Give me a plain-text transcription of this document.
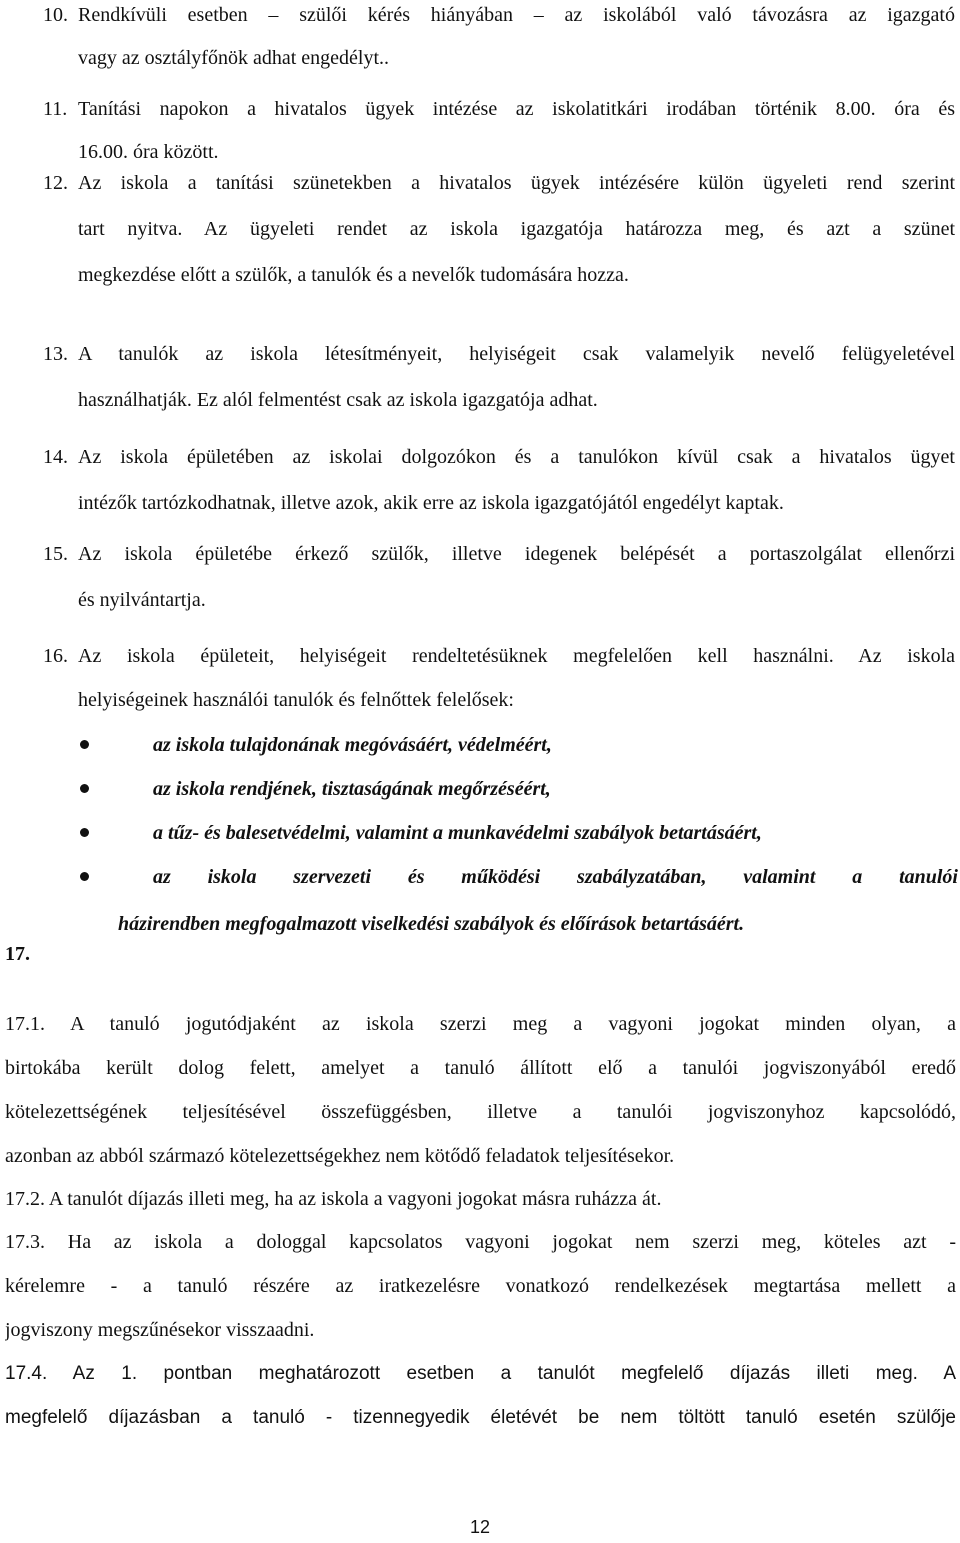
10. Rendkívüli esetben – szülői kérés hiányában – az iskolából való távozásra az igazgató
vagy az osztályfőnök adhat engedélyt..
11. Tanítási napokon a hivatalos ügyek intézése az iskolatitkári irodában történik 8.00. óra és
16.00. óra között.
12. Az iskola a tanítási szünetekben a hivatalos ügyek intézésére külön ügyeleti rend szerint
tart nyitva. Az ügyeleti rendet az iskola igazgatója határozza meg, és azt a szünet
megkezdése előtt a szülők, a tanulók és a nevelők tudomására hozza.
13. A tanulók az iskola létesítményeit, helyiségeit csak valamelyik nevelő felügyeletével
használhatják. Ez alól felmentést csak az iskola igazgatója adhat.
14. Az iskola épületében az iskolai dolgozókon és a tanulókon kívül csak a hivatalos ügyet
intézők tartózkodhatnak, illetve azok, akik erre az iskola igazgatójától engedélyt kaptak.
15. Az iskola épületébe érkező szülők, illetve idegenek belépését a portaszolgálat ellenőrzi
és nyilvántartja.
16. Az iskola épületeit, helyiségeit rendeltetésüknek megfelelően kell használni. Az iskola
helyiségeinek használói tanulók és felnőttek felelősek:
az iskola tulajdonának megóvásáért, védelméért,
az iskola rendjének, tisztaságának megőrzéséért,
a tűz- és balesetvédelmi, valamint a munkavédelmi szabályok betartásáért,
az iskola szervezeti és működési szabályzatában, valamint a tanulói
házirendben megfogalmazott viselkedési szabályok és előírások betartásáért.
17.
17.1. A tanuló jogutódjaként az iskola szerzi meg a vagyoni jogokat minden olyan, a
birtokába került dolog felett, amelyet a tanuló állított elő a tanulói jogviszonyából eredő
kötelezettségének teljesítésével összefüggésben, illetve a tanulói jogviszonyhoz kapcsolódó,
azonban az abból származó kötelezettségekhez nem kötődő feladatok teljesítésekor.
17.2. A tanulót díjazás illeti meg, ha az iskola a vagyoni jogokat másra ruházza át.
17.3. Ha az iskola a dologgal kapcsolatos vagyoni jogokat nem szerzi meg, köteles azt -
kérelemre - a tanuló részére az iratkezelésre vonatkozó rendelkezések megtartása mellett a
jogviszony megszűnésekor visszaadni.
17.4. Az 1. pontban meghatározott esetben a tanulót megfelelő díjazás illeti meg. A
megfelelő díjazásban a tanuló - tizennegyedik életévét be nem töltött tanuló esetén szülője
12
